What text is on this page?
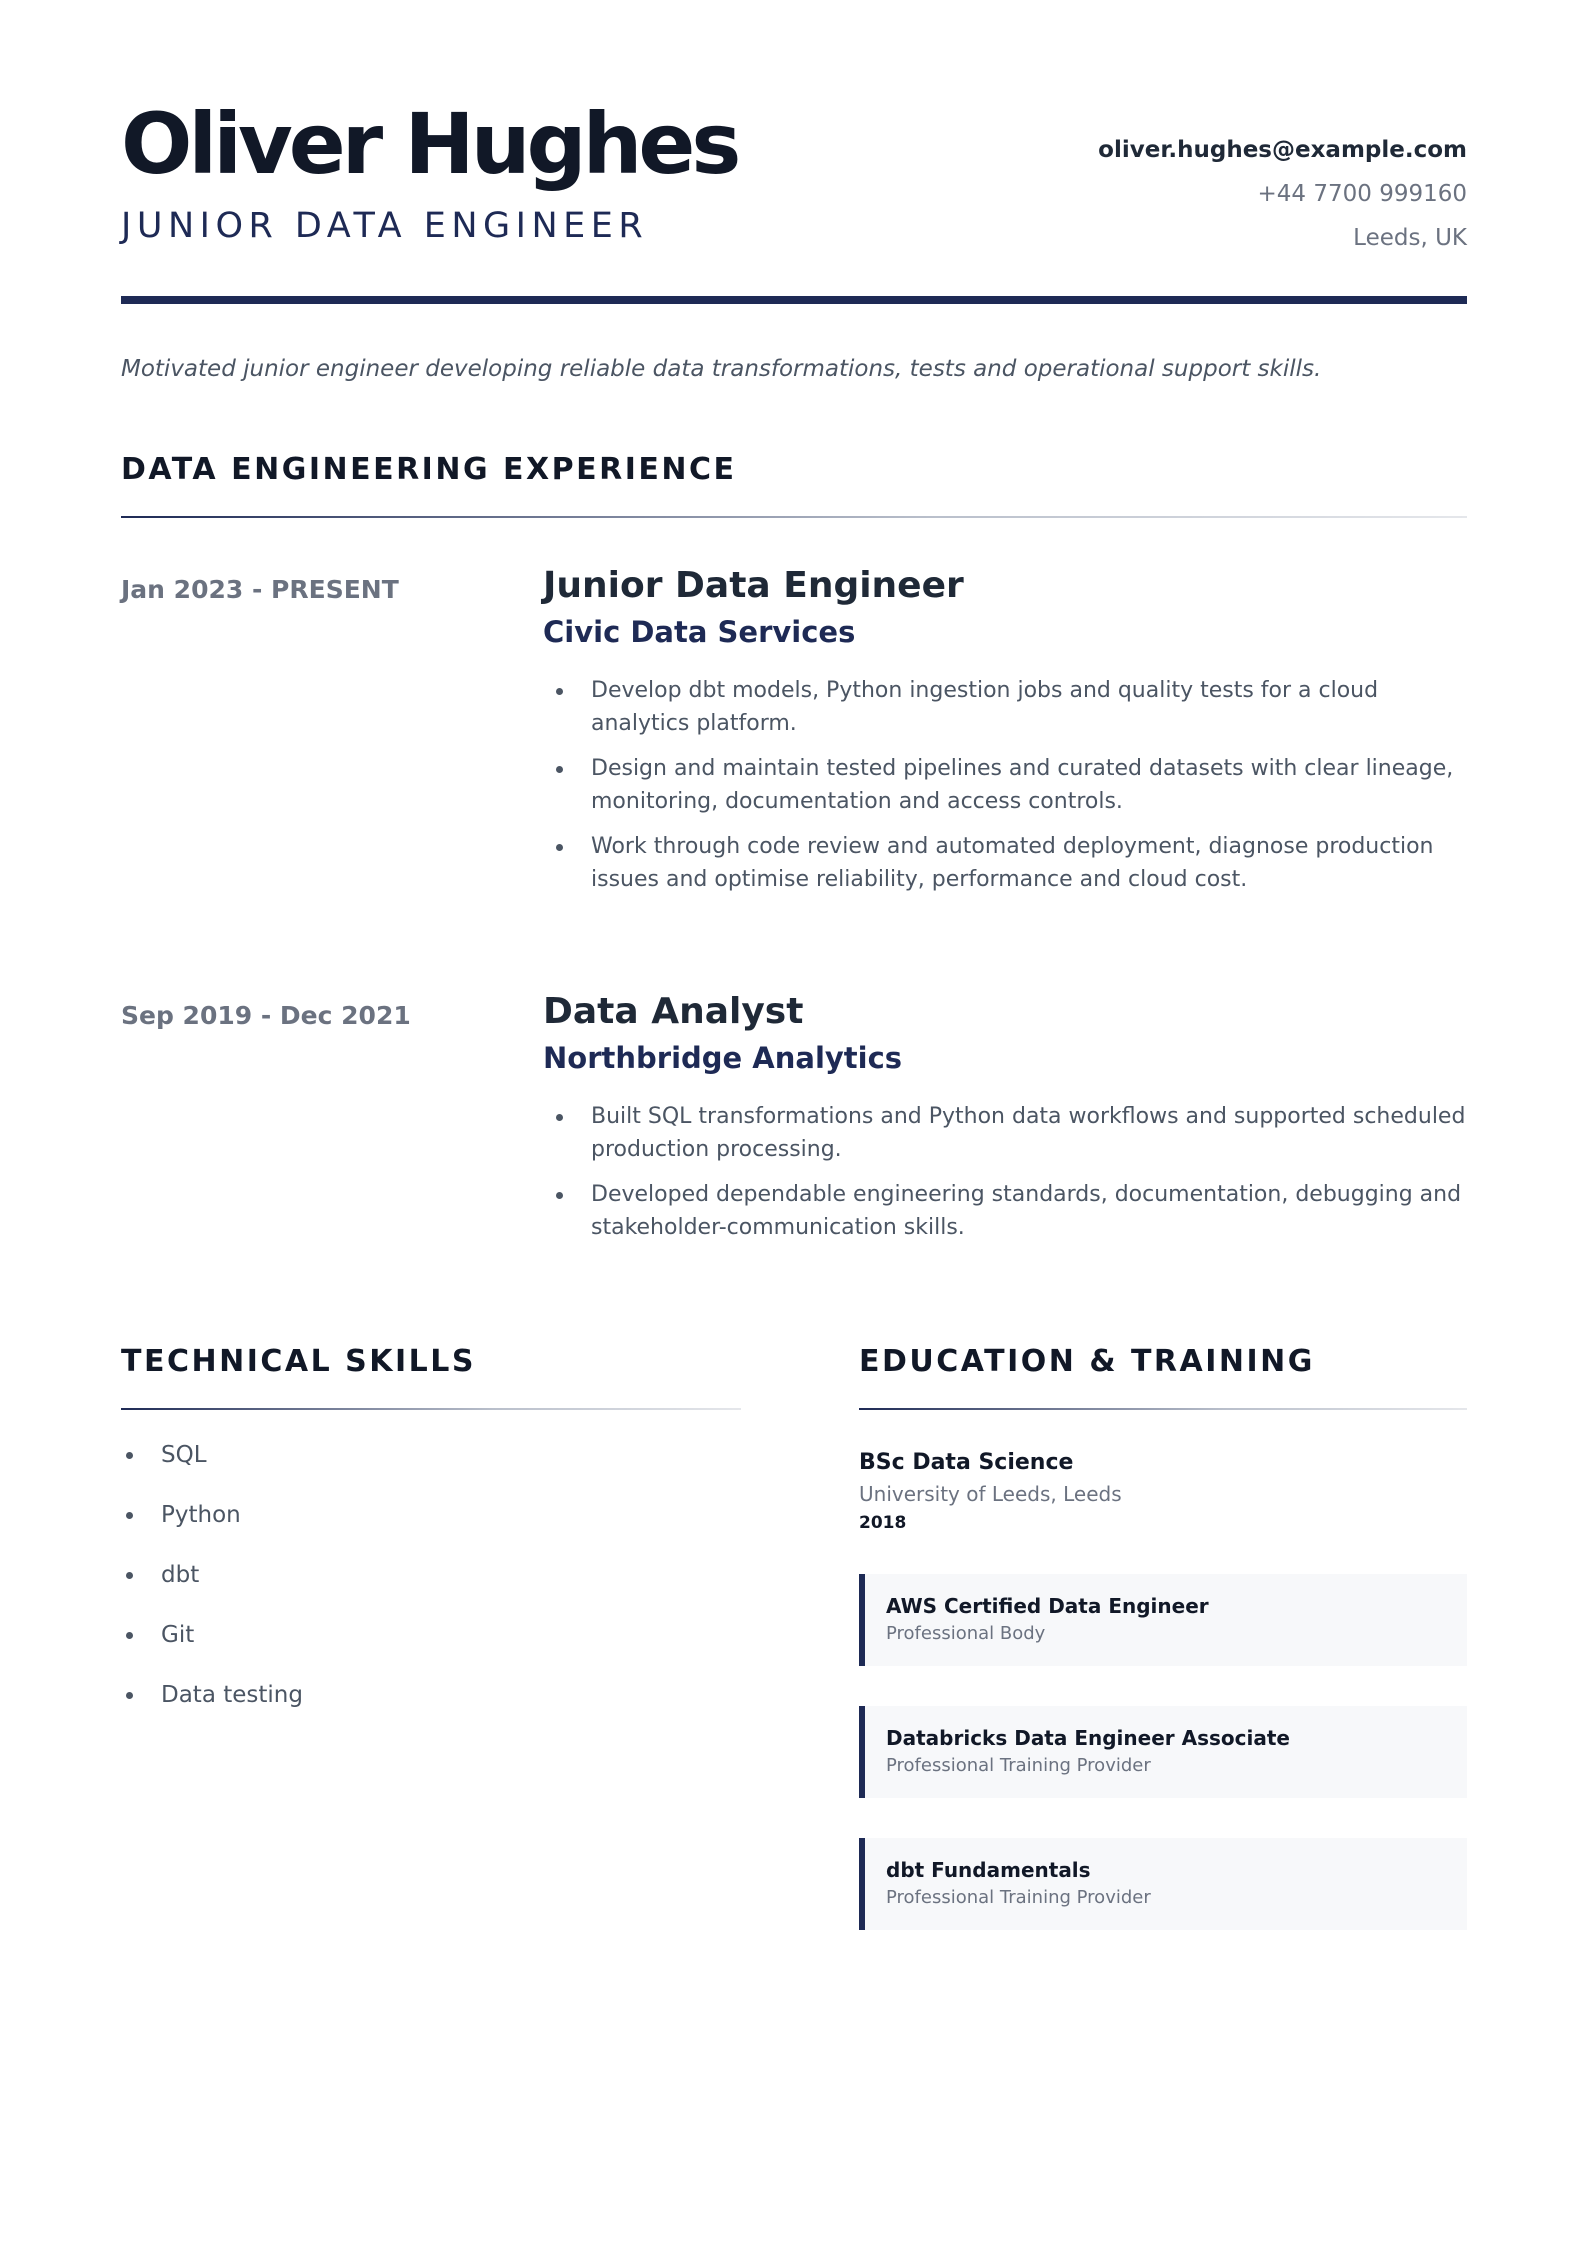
Oliver Hughes
JUNIOR DATA ENGINEER
oliver.hughes@example.com
+44 7700 999160
Leeds, UK

Motivated junior engineer developing reliable data transformations, tests and operational support skills.

DATA ENGINEERING EXPERIENCE
Jan 2023 - PRESENT	Junior Data Engineer
Civic Data Services
Develop dbt models, Python ingestion jobs and quality tests for a cloud analytics platform.
Design and maintain tested pipelines and curated datasets with clear lineage, monitoring, documentation and access controls.
Work through code review and automated deployment, diagnose production issues and optimise reliability, performance and cloud cost.
Sep 2019 - Dec 2021	Data Analyst
Northbridge Analytics
Built SQL transformations and Python data workflows and supported scheduled production processing.
Developed dependable engineering standards, documentation, debugging and stakeholder-communication skills.
TECHNICAL SKILLS
SQL
Python
dbt
Git
Data testing
EDUCATION & TRAINING
BSc Data Science
University of Leeds, Leeds
2018
AWS Certified Data Engineer
Professional Body
Databricks Data Engineer Associate
Professional Training Provider
dbt Fundamentals
Professional Training Provider
